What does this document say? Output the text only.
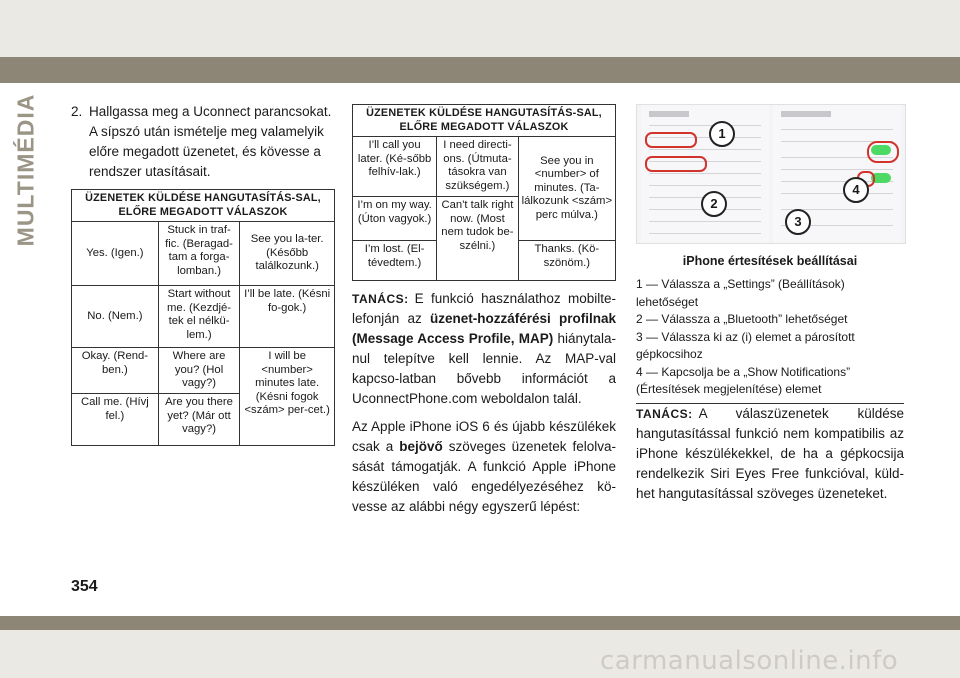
MULTIMÉDIA 2. Hallgassa meg a Uconnect parancsokat. A sípszó után ismételje meg valamelyik előre megadott üzenetet, és kövesse a rendszer utasításait.
ÜZENETEK KÜLDÉSE HANGUTASÍTÁS-SAL, ELŐRE MEGADOTT VÁLASZOK		
Yes. (Igen.)	Stuck in traf-fic. (Beragad-tam a forga-lomban.)	See you la-ter. (Később találkozunk.)
No. (Nem.)	Start without me. (Kezdjé-tek el nélkü-lem.)	I’ll be late. (Késni fo-gok.)
Okay. (Rend-ben.)	Where are you? (Hol vagy?)	I will be <number> minutes late. (Késni fogok <szám> per-cet.)
Call me. (Hívj fel.)	Are you there yet? (Már ott vagy?)	
ÜZENETEK KÜLDÉSE HANGUTASÍTÁS-SAL, ELŐRE MEGADOTT VÁLASZOK		
I’ll call you later. (Ké-sőbb felhív-lak.)	I need directi-ons. (Útmuta-tásokra van szükségem.)	See you in <number> of minutes. (Ta-lálkozunk <szám> perc múlva.)
I’m on my way. (Úton vagyok.)	Can't talk right now. (Most nem tudok be-szélni.)	
I’m lost. (El-tévedtem.)		Thanks. (Kö-szönöm.)

TANÁCS: E funkció használathoz mobilte-lefonján az üzenet-hozzáférési profilnak (Message Access Profile, MAP) hiánytala-nul telepítve kell lennie. Az MAP-val kapcso-latban bővebb információt a UconnectPhone.com weboldalon talál.

Az Apple iPhone iOS 6 és újabb készülékek csak a bejövő szöveges üzenetek felolva-sását támogatják. A funkció Apple iPhone készüléken való engedélyezéséhez kö-vesse az alábbi négy egyszerű lépést:

1
2
3
4
iPhone értesítések beállításai
1 — Válassza a „Settings” (Beállítások) lehetőséget
2 — Válassza a „Bluetooth” lehetőséget
3 — Válassza ki az (i) elemet a párosított gépkocsihoz
4 — Kapcsolja be a „Show Notifications” (Értesítések megjelenítése) elemet

TANÁCS: A válaszüzenetek küldése hangutasítással funkció nem kompatibilis az iPhone készülékekkel, de ha a gépkocsija rendelkezik Siri Eyes Free funkcióval, küld-het hangutasítással szöveges üzeneteket.

354
carmanualsonline.info
